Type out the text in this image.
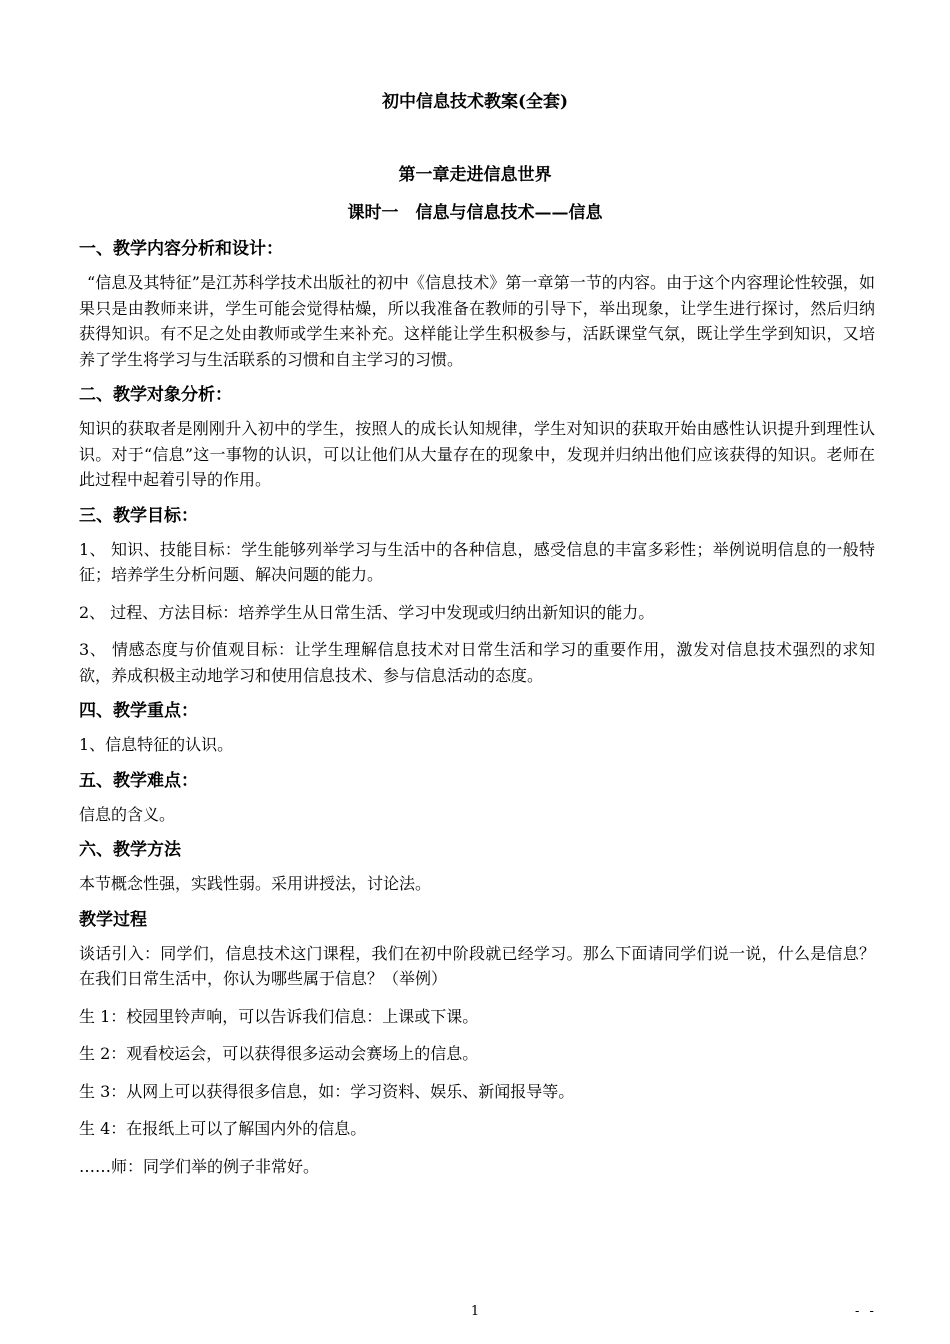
初中信息技术教案(全套)
第一章走进信息世界
课时一　信息与信息技术——信息
一、教学内容分析和设计：
“信息及其特征”是江苏科学技术出版社的初中《信息技术》第一章第一节的内容。由于这个内容理论性较强，如果只是由教师来讲，学生可能会觉得枯燥，所以我准备在教师的引导下，举出现象，让学生进行探讨，然后归纳获得知识。有不足之处由教师或学生来补充。这样能让学生积极参与，活跃课堂气氛，既让学生学到知识，又培养了学生将学习与生活联系的习惯和自主学习的习惯。
二、教学对象分析：
知识的获取者是刚刚升入初中的学生，按照人的成长认知规律，学生对知识的获取开始由感性认识提升到理性认识。对于“信息”这一事物的认识，可以让他们从大量存在的现象中，发现并归纳出他们应该获得的知识。老师在此过程中起着引导的作用。
三、教学目标：
1、 知识、技能目标：学生能够列举学习与生活中的各种信息，感受信息的丰富多彩性；举例说明信息的一般特征；培养学生分析问题、解决问题的能力。
2、 过程、方法目标：培养学生从日常生活、学习中发现或归纳出新知识的能力。
3、 情感态度与价值观目标：让学生理解信息技术对日常生活和学习的重要作用，激发对信息技术强烈的求知欲，养成积极主动地学习和使用信息技术、参与信息活动的态度。
四、教学重点：
1、信息特征的认识。
五、教学难点：
信息的含义。
六、教学方法
本节概念性强，实践性弱。采用讲授法，讨论法。
教学过程
谈话引入：同学们，信息技术这门课程，我们在初中阶段就已经学习。那么下面请同学们说一说，什么是信息？在我们日常生活中，你认为哪些属于信息？（举例）
生 1：校园里铃声响，可以告诉我们信息：上课或下课。
生 2：观看校运会，可以获得很多运动会赛场上的信息。
生 3：从网上可以获得很多信息，如：学习资料、娱乐、新闻报导等。
生 4：在报纸上可以了解国内外的信息。
……师：同学们举的例子非常好。
1	- -
